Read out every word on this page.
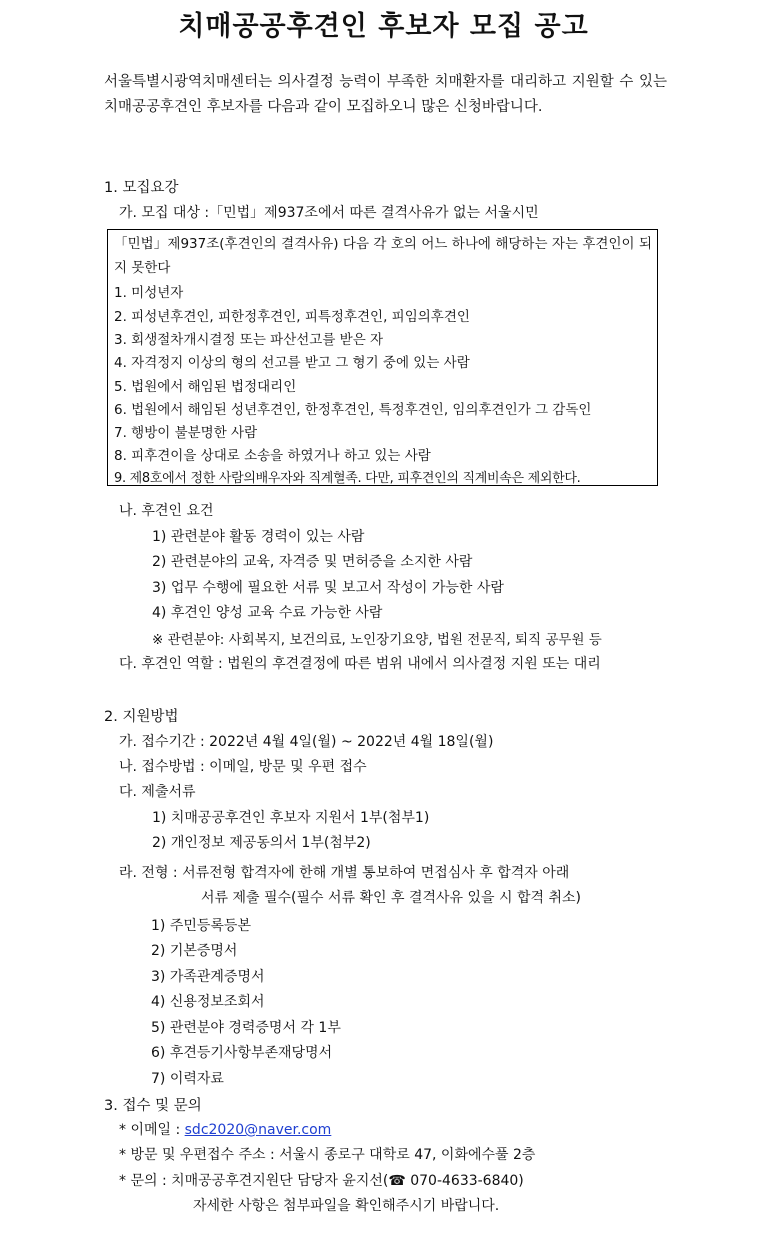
치매공공후견인 후보자 모집 공고
서울특별시광역치매센터는 의사결정 능력이 부족한 치매환자를 대리하고 지원할 수 있는 치매공공후견인 후보자를 다음과 같이 모집하오니 많은 신청바랍니다.
1. 모집요강
가. 모집 대상 :「민법」제937조에서 따른 결격사유가 없는 서울시민
「민법」제937조(후견인의 결격사유) 다음 각 호의 어느 하나에 해당하는 자는 후견인이 되지 못한다
1. 미성년자
2. 피성년후견인, 피한정후견인, 피특정후견인, 피임의후견인
3. 회생절차개시결정 또는 파산선고를 받은 자
4. 자격정지 이상의 형의 선고를 받고 그 형기 중에 있는 사람
5. 법원에서 해임된 법정대리인
6. 법원에서 해임된 성년후견인, 한정후견인, 특정후견인, 임의후견인가 그 감독인
7. 행방이 불분명한 사람
8. 피후견이을 상대로 소송을 하였거나 하고 있는 사람
9. 제8호에서 정한 사람의배우자와 직계혈족. 다만, 피후견인의 직계비속은 제외한다.
나. 후견인 요건
1) 관련분야 활동 경력이 있는 사람
2) 관련분야의 교육, 자격증 및 면허증을 소지한 사람
3) 업무 수행에 필요한 서류 및 보고서 작성이 가능한 사람
4) 후견인 양성 교육 수료 가능한 사람
※ 관련분야: 사회복지, 보건의료, 노인장기요양, 법원 전문직, 퇴직 공무원 등
다. 후견인 역할 : 법원의 후견결정에 따른 범위 내에서 의사결정 지원 또는 대리
2. 지원방법
가. 접수기간 : 2022년 4월 4일(월) ~ 2022년 4월 18일(월)
나. 접수방법 : 이메일, 방문 및 우편 접수
다. 제출서류
1) 치매공공후견인 후보자 지원서 1부(첨부1)
2) 개인정보 제공동의서 1부(첨부2)
라. 전형 : 서류전형 합격자에 한해 개별 통보하여 면접심사 후 합격자 아래
서류 제출 필수(필수 서류 확인 후 결격사유 있을 시 합격 취소)
1) 주민등록등본
2) 기본증명서
3) 가족관계증명서
4) 신용정보조회서
5) 관련분야 경력증명서 각 1부
6) 후견등기사항부존재당명서
7) 이력자료
3. 접수 및 문의
* 이메일 : sdc2020@naver.com
* 방문 및 우편접수 주소 : 서울시 종로구 대학로 47, 이화에수풀 2층
* 문의 : 치매공공후견지원단 담당자 윤지선(☎ 070-4633-6840)
자세한 사항은 첨부파일을 확인해주시기 바랍니다.
